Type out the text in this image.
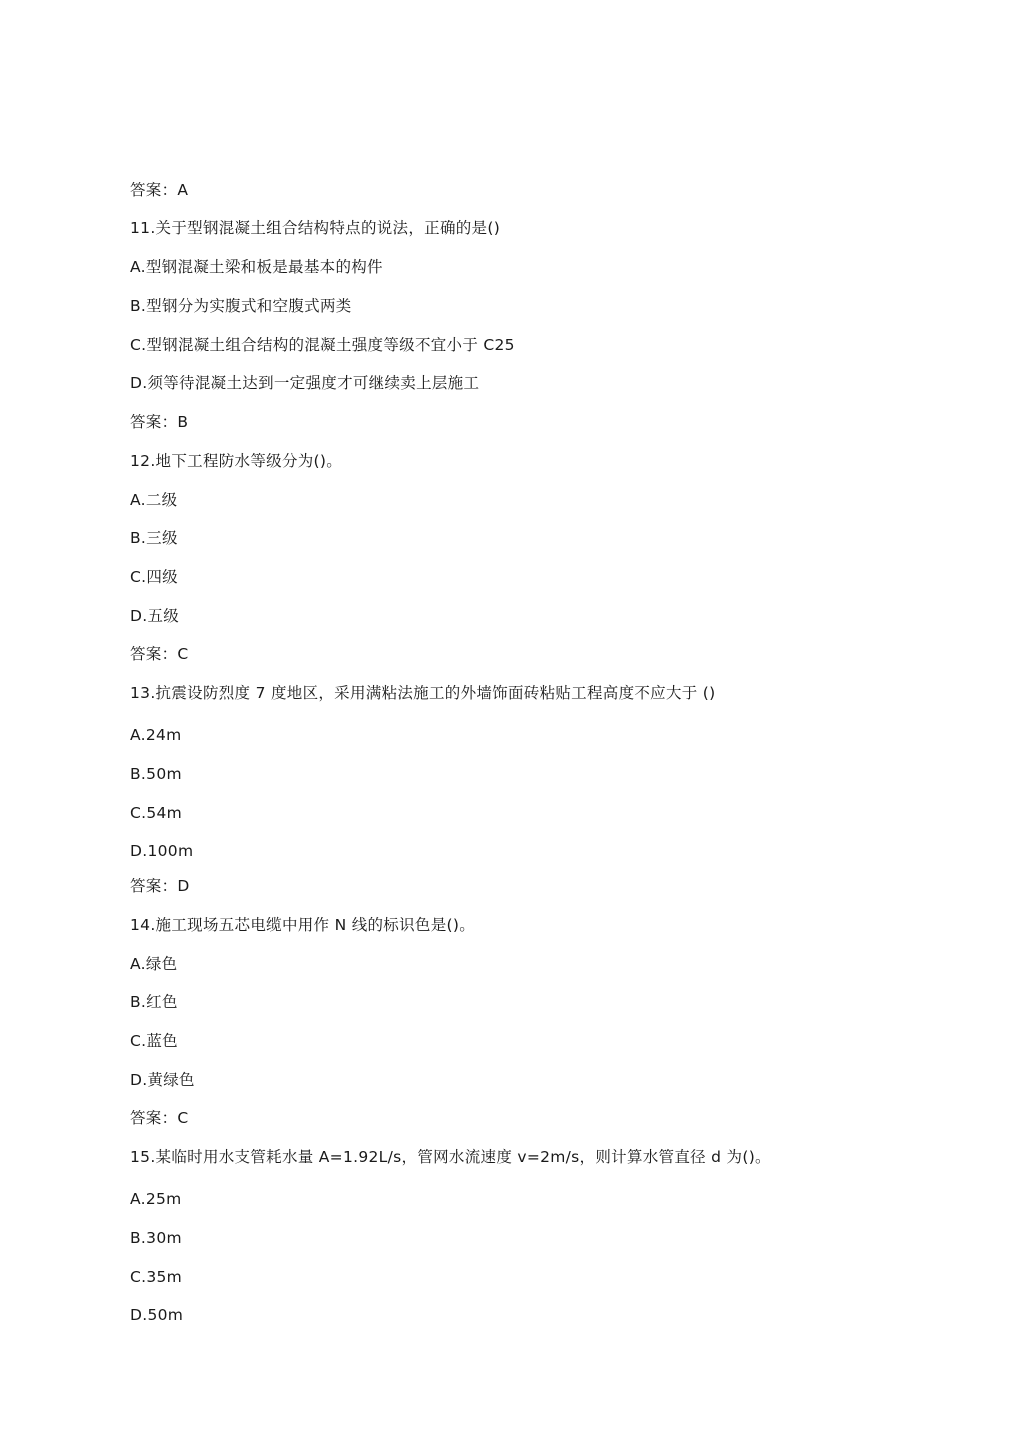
答案：A
11.关于型钢混凝土组合结构特点的说法，正确的是()
A.型钢混凝土梁和板是最基本的构件
B.型钢分为实腹式和空腹式两类
C.型钢混凝土组合结构的混凝土强度等级不宜小于 C25
D.须等待混凝土达到一定强度才可继续卖上层施工
答案：B
12.地下工程防水等级分为()。
A.二级
B.三级
C.四级
D.五级
答案：C
13.抗震设防烈度 7 度地区，采用满粘法施工的外墙饰面砖粘贴工程高度不应大于 ()
A.24m
B.50m
C.54m
D.100m
答案：D
14.施工现场五芯电缆中用作 N 线的标识色是()。
A.绿色
B.红色
C.蓝色
D.黄绿色
答案：C
15.某临时用水支管耗水量 A=1.92L/s，管网水流速度 v=2m/s，则计算水管直径 d 为()。
A.25m
B.30m
C.35m
D.50m
